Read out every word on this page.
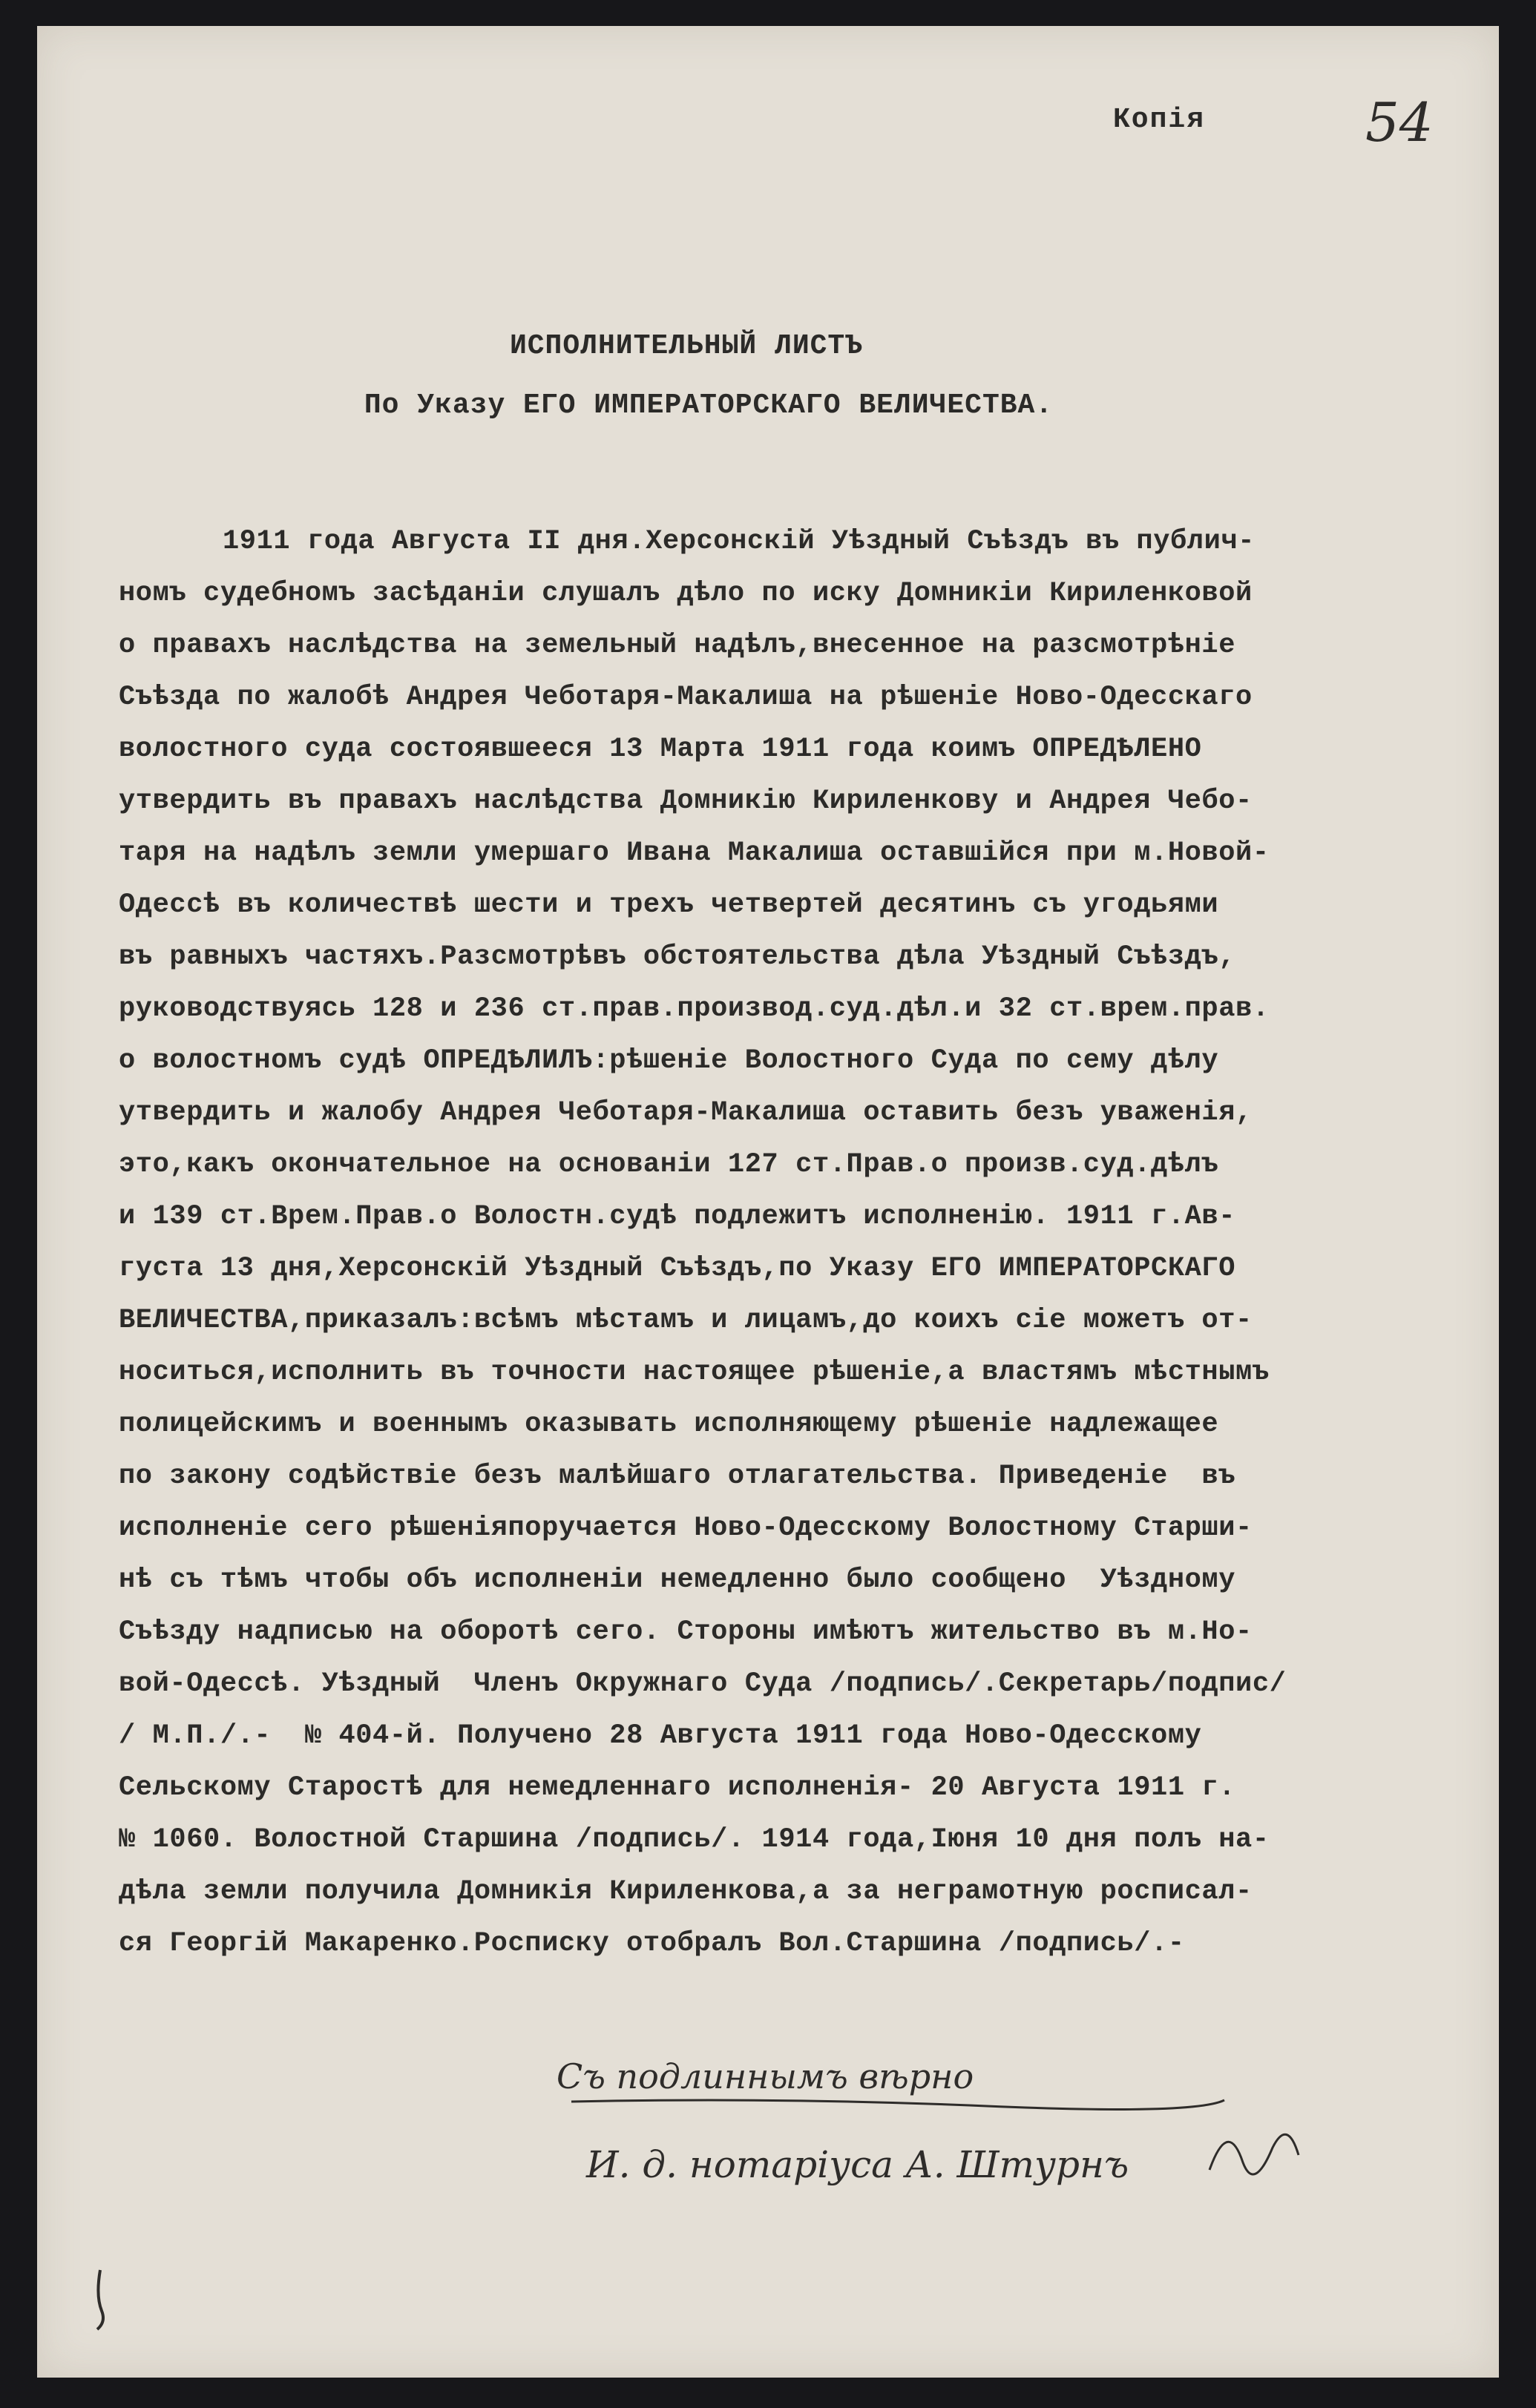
Копія	54
ИСПОЛНИТЕЛЬНЫЙ ЛИСТЪ
По Указу ЕГО ИМПЕРАТОРСКАГО ВЕЛИЧЕСТВА.
1911 года Августа II дня.Херсонскій Уѣздный Съѣздъ въ публич-
номъ судебномъ засѣданіи слушалъ дѣло по иску Домникіи Кириленковой
о правахъ наслѣдства на земельный надѣлъ,внесенное на разсмотрѣніе
Съѣзда по жалобѣ Андрея Чеботаря-Макалиша на рѣшеніе Ново-Одесскаго
волостного суда состоявшееся 13 Марта 1911 года коимъ ОПРЕДѢЛЕНО
утвердить въ правахъ наслѣдства Домникію Кириленкову и Андрея Чебо-
таря на надѣлъ земли умершаго Ивана Макалиша оставшійся при м.Новой-
Одессѣ въ количествѣ шести и трехъ четвертей десятинъ съ угодьями
въ равныхъ частяхъ.Разсмотрѣвъ обстоятельства дѣла Уѣздный Съѣздъ,
руководствуясь 128 и 236 ст.прав.производ.суд.дѣл.и 32 ст.врем.прав.
о волостномъ судѣ ОПРЕДѢЛИЛЪ:рѣшеніе Волостного Суда по сему дѣлу
утвердить и жалобу Андрея Чеботаря-Макалиша оставить безъ уваженія,
это,какъ окончательное на основаніи 127 ст.Прав.о произв.суд.дѣлъ
и 139 ст.Врем.Прав.о Волостн.судѣ подлежитъ исполненію. 1911 г.Ав-
густа 13 дня,Херсонскій Уѣздный Съѣздъ,по Указу ЕГО ИМПЕРАТОРСКАГО
ВЕЛИЧЕСТВА,приказалъ:всѣмъ мѣстамъ и лицамъ,до коихъ сіе можетъ от-
носиться,исполнить въ точности настоящее рѣшеніе,а властямъ мѣстнымъ
полицейскимъ и военнымъ оказывать исполняющему рѣшеніе надлежащее
по закону содѣйствіе безъ малѣйшаго отлагательства. Приведеніе  въ
исполненіе сего рѣшеніяпоручается Ново-Одесскому Волостному Старши-
нѣ съ тѣмъ чтобы объ исполненіи немедленно было сообщено  Уѣздному
Съѣзду надписью на оборотѣ сего. Стороны имѣютъ жительство въ м.Но-
вой-Одессѣ. Уѣздный  Членъ Окружнаго Суда /подпись/.Секретарь/подпис/
/ М.П./.-  № 404-й. Получено 28 Августа 1911 года Ново-Одесскому
Сельскому Старостѣ для немедленнаго исполненія- 20 Августа 1911 г.
№ 1060. Волостной Старшина /подпись/. 1914 года,Іюня 10 дня полъ на-
дѣла земли получила Домникія Кириленкова,а за неграмотную росписал-
ся Георгій Макаренко.Росписку отобралъ Вол.Старшина /подпись/.-
Съ подлиннымъ вѣрно
И. д. нотаріуса А. Штурнъ
